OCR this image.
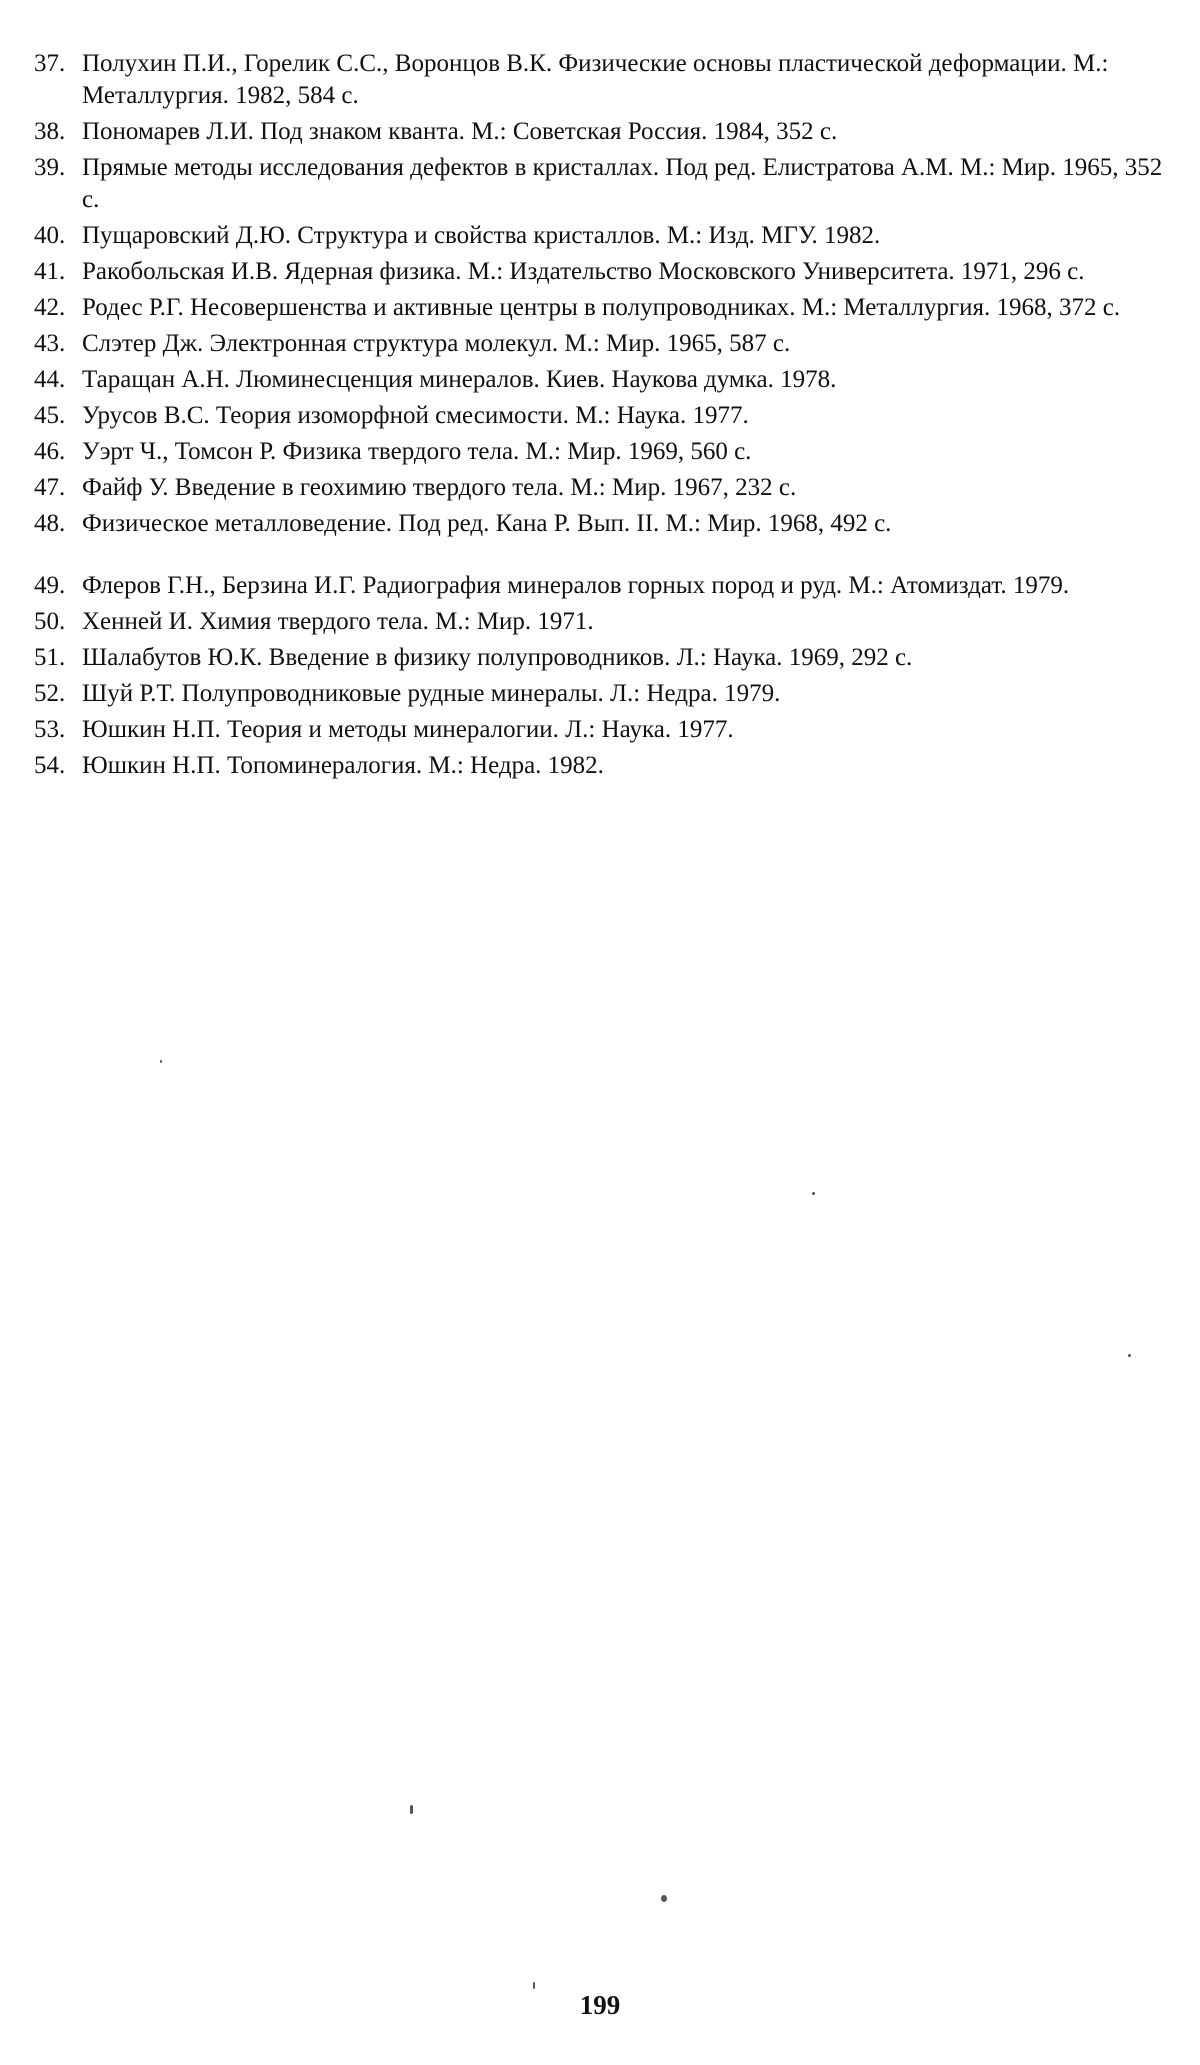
37. Полухин П.И., Горелик С.С., Воронцов В.К. Физические основы пластической деформации. М.: Металлургия. 1982, 584 с.
38. Пономарев Л.И. Под знаком кванта. М.: Советская Россия. 1984, 352 с.
39. Прямые методы исследования дефектов в кристаллах. Под ред. Елистратова А.М. М.: Мир. 1965, 352 с.
40. Пущаровский Д.Ю. Структура и свойства кристаллов. М.: Изд. МГУ. 1982.
41. Ракобольская И.В. Ядерная физика. М.: Издательство Московского Университета. 1971, 296 с.
42. Родес Р.Г. Несовершенства и активные центры в полупроводниках. М.: Металлургия. 1968, 372 с.
43. Слэтер Дж. Электронная структура молекул. М.: Мир. 1965, 587 с.
44. Таращан А.Н. Люминесценция минералов. Киев. Наукова думка. 1978.
45. Урусов В.С. Теория изоморфной смесимости. М.: Наука. 1977.
46. Уэрт Ч., Томсон Р. Физика твердого тела. М.: Мир. 1969, 560 с.
47. Файф У. Введение в геохимию твердого тела. М.: Мир. 1967, 232 с.
48. Физическое металловедение. Под ред. Кана Р. Вып. II. М.: Мир. 1968, 492 с.
49. Флеров Г.Н., Берзина И.Г. Радиография минералов горных пород и руд. М.: Атомиздат. 1979.
50. Хенней И. Химия твердого тела. М.: Мир. 1971.
51. Шалабутов Ю.К. Введение в физику полупроводников. Л.: Наука. 1969, 292 с.
52. Шуй Р.Т. Полупроводниковые рудные минералы. Л.: Недра. 1979.
53. Юшкин Н.П. Теория и методы минералогии. Л.: Наука. 1977.
54. Юшкин Н.П. Топоминералогия. М.: Недра. 1982.
199
